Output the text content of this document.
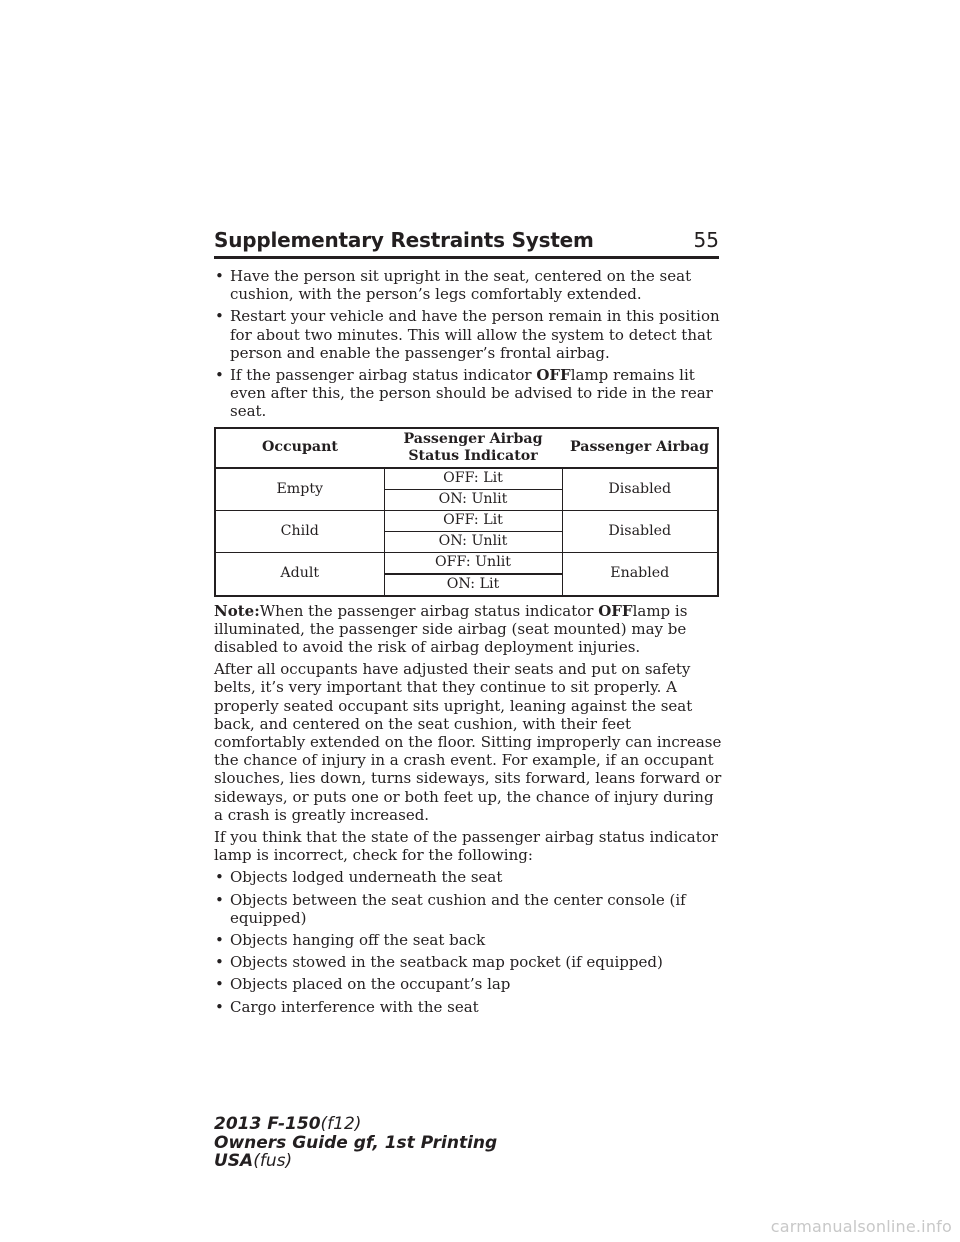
Supplementary Restraints System	55
• Have the person sit upright in the seat, centered on the seat cushion, with the person’s legs comfortably extended.
• Restart your vehicle and have the person remain in this position for about two minutes. This will allow the system to detect that person and enable the passenger’s frontal airbag.
• If the passenger airbag status indicator OFFlamp remains lit even after this, the person should be advised to ride in the rear seat.
Occupant	Passenger Airbag Status Indicator	Passenger Airbag
Empty	OFF: Lit	Disabled
	ON: Unlit	
Child	OFF: Lit	Disabled
	ON: Unlit	
Adult	OFF: Unlit	Enabled
	ON: Lit	

Note:When the passenger airbag status indicator OFFlamp is illuminated, the passenger side airbag (seat mounted) may be disabled to avoid the risk of airbag deployment injuries.

After all occupants have adjusted their seats and put on safety belts, it’s very important that they continue to sit properly. A properly seated occupant sits upright, leaning against the seat back, and centered on the seat cushion, with their feet comfortably extended on the floor. Sitting improperly can increase the chance of injury in a crash event. For example, if an occupant slouches, lies down, turns sideways, sits forward, leans forward or sideways, or puts one or both feet up, the chance of injury during a crash is greatly increased.

If you think that the state of the passenger airbag status indicator lamp is incorrect, check for the following:

• Objects lodged underneath the seat
• Objects between the seat cushion and the center console (if equipped)
• Objects hanging off the seat back
• Objects stowed in the seatback map pocket (if equipped)
• Objects placed on the occupant’s lap
• Cargo interference with the seat
2013 F-150(f12)
Owners Guide gf, 1st Printing
USA(fus)
carmanualsonline.info
